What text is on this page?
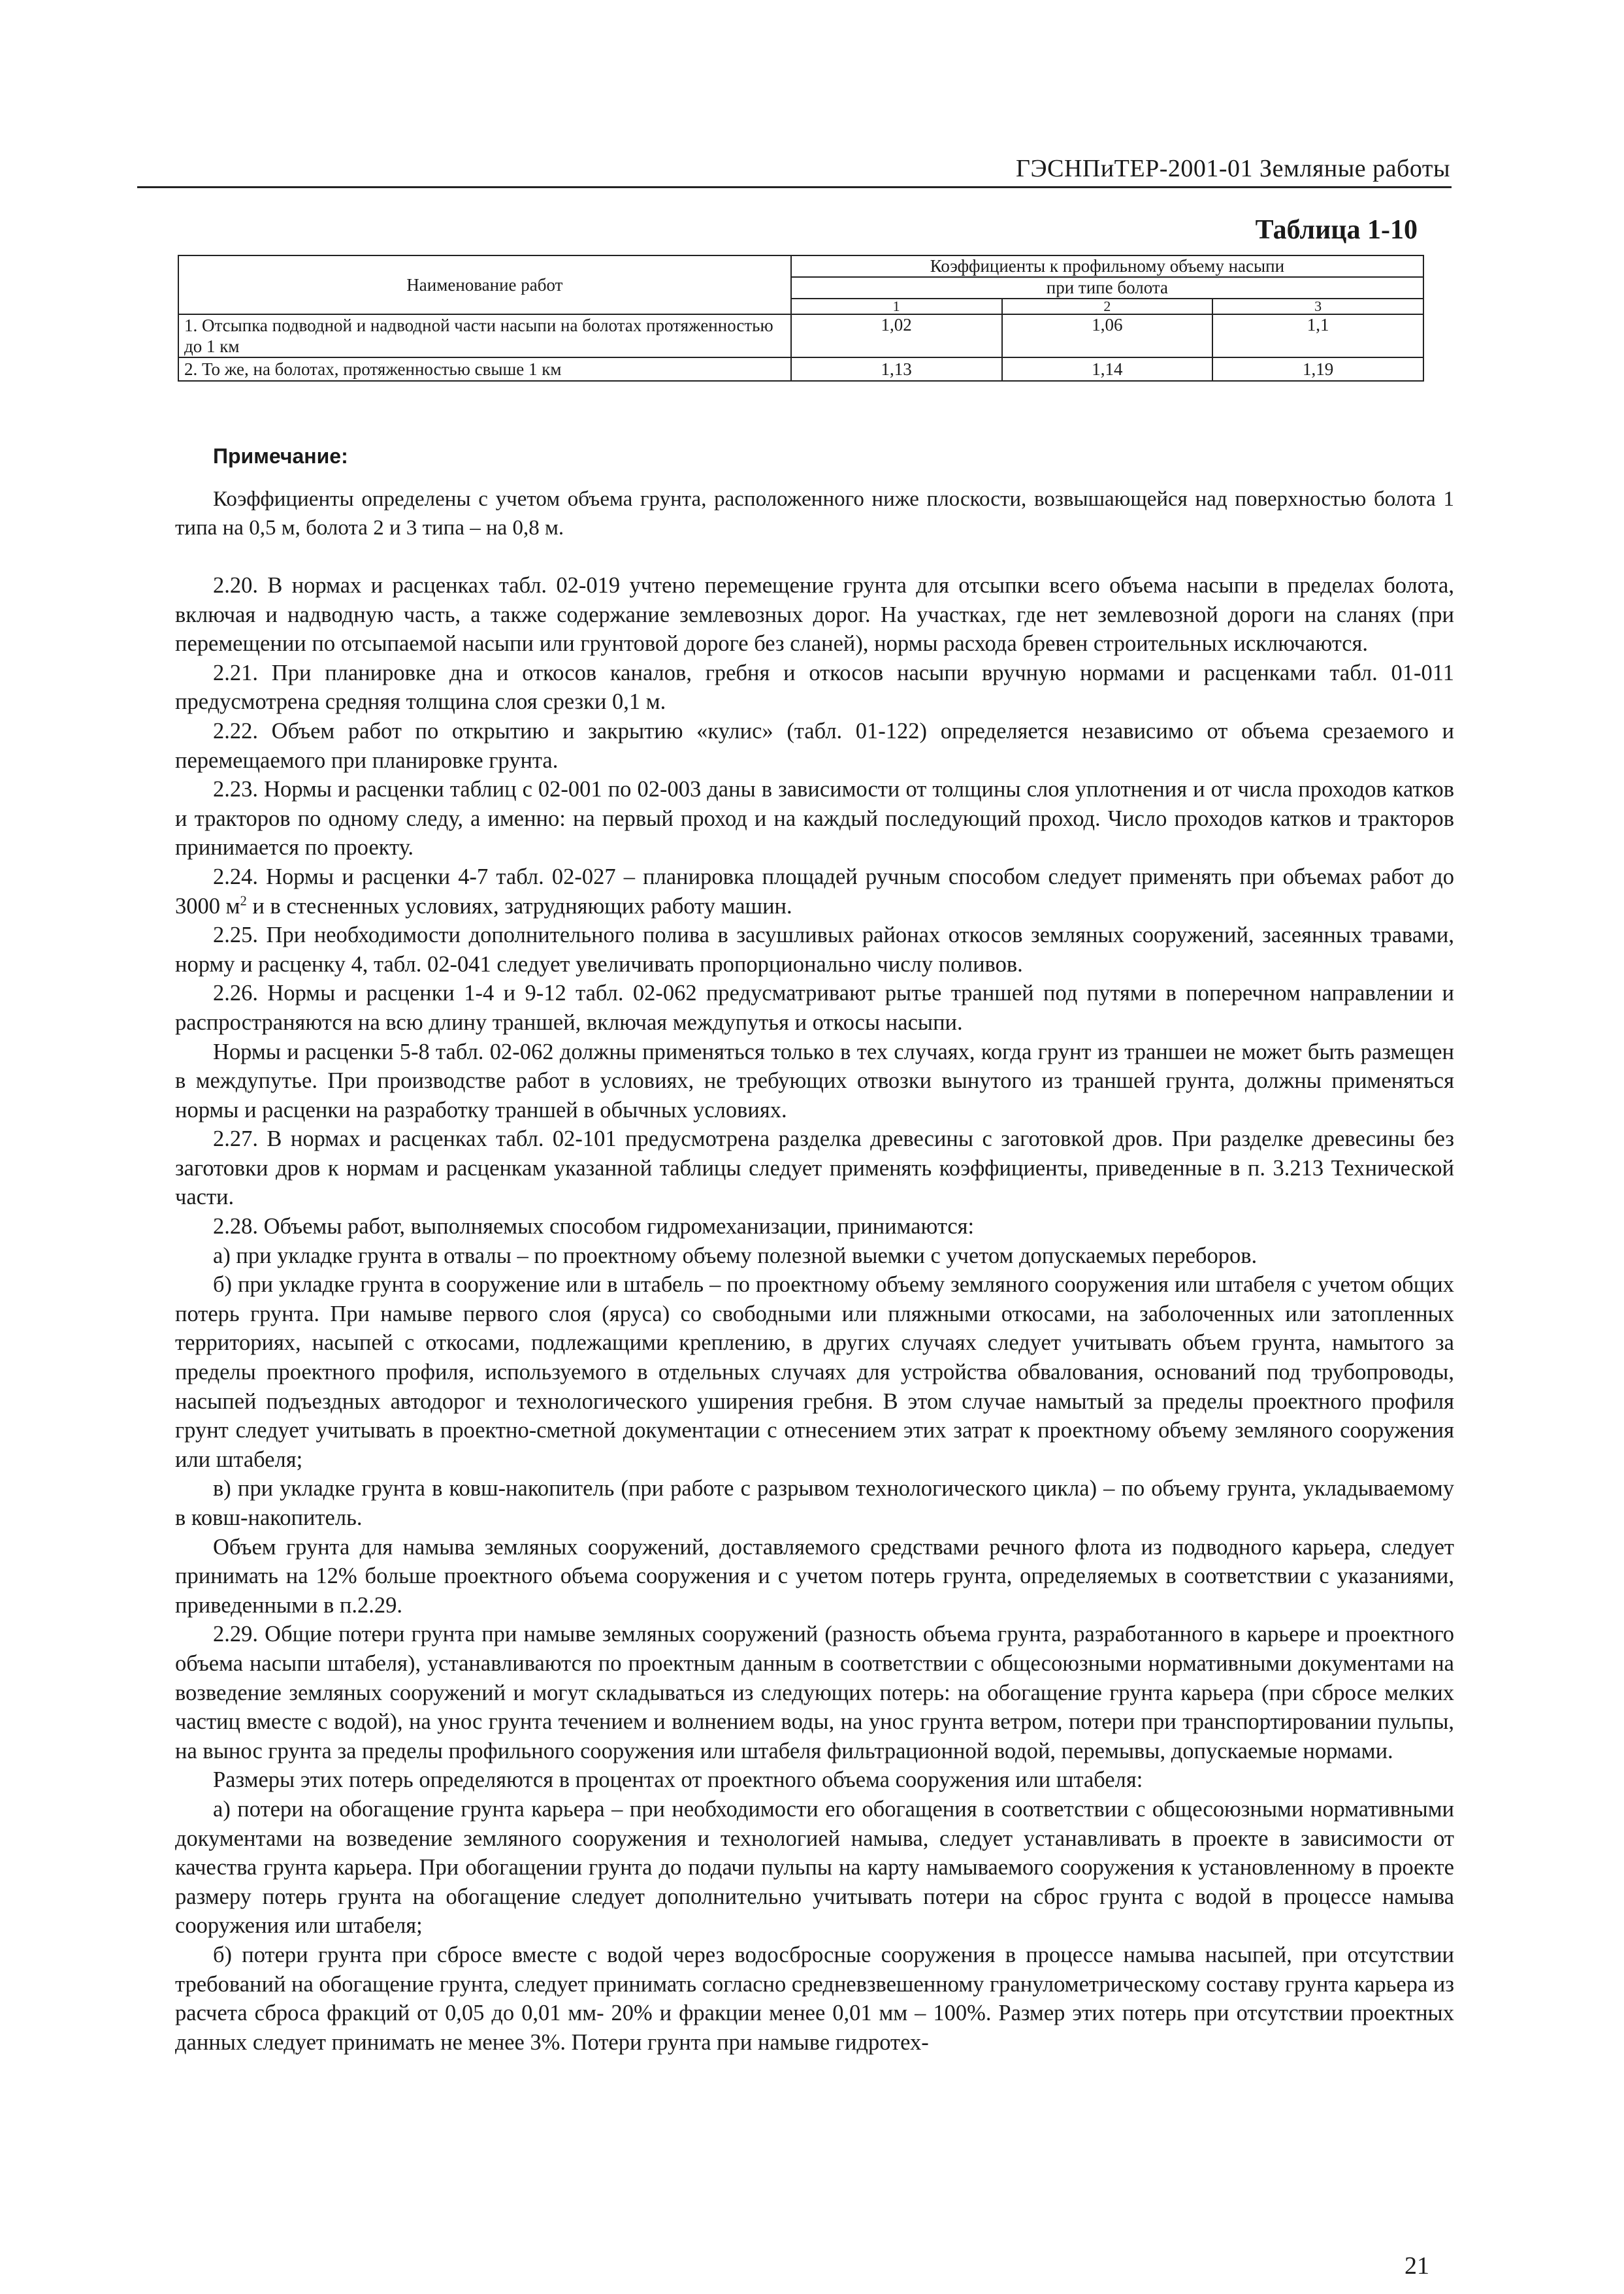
ГЭСНПиТЕР-2001-01 Земляные работы
Таблица 1-10
Наименование работ	Коэффициенты к профильному объему насыпи		
	при типе болота		
	1	2	3
1. Отсыпка подводной и надводной части насыпи на болотах протяженностью до 1 км	1,02	1,06	1,1
2. То же, на болотах, протяженностью свыше 1 км	1,13	1,14	1,19
Примечание:
Коэффициенты определены с учетом объема грунта, расположенного ниже плоскости, возвышающейся над поверхностью болота 1 типа на 0,5 м, болота 2 и 3 типа – на 0,8 м.

2.20. В нормах и расценках табл. 02-019 учтено перемещение грунта для отсыпки всего объема насыпи в пределах болота, включая и надводную часть, а также содержание землевозных дорог. На участках, где нет землевозной дороги на сланях (при перемещении по отсыпаемой насыпи или грунтовой дороге без сланей), нормы расхода бревен строительных исключаются.

2.21. При планировке дна и откосов каналов, гребня и откосов насыпи вручную нормами и расценками табл. 01-011 предусмотрена средняя толщина слоя срезки 0,1 м.

2.22. Объем работ по открытию и закрытию «кулис» (табл. 01-122) определяется независимо от объема срезаемого и перемещаемого при планировке грунта.

2.23. Нормы и расценки таблиц с 02-001 по 02-003 даны в зависимости от толщины слоя уплотнения и от числа проходов катков и тракторов по одному следу, а именно: на первый проход и на каждый последующий проход. Число проходов катков и тракторов принимается по проекту.

2.24. Нормы и расценки 4-7 табл. 02-027 – планировка площадей ручным способом следует применять при объемах работ до 3000 $м^2$ и в стесненных условиях, затрудняющих работу машин.

2.25. При необходимости дополнительного полива в засушливых районах откосов земляных сооружений, засеянных травами, норму и расценку 4, табл. 02-041 следует увеличивать пропорционально числу поливов.

2.26. Нормы и расценки 1-4 и 9-12 табл. 02-062 предусматривают рытье траншей под путями в поперечном направлении и распространяются на всю длину траншей, включая междупутья и откосы насыпи.

Нормы и расценки 5-8 табл. 02-062 должны применяться только в тех случаях, когда грунт из траншеи не может быть размещен в междупутье. При производстве работ в условиях, не требующих отвозки вынутого из траншей грунта, должны применяться нормы и расценки на разработку траншей в обычных условиях.

2.27. В нормах и расценках табл. 02-101 предусмотрена разделка древесины с заготовкой дров. При разделке древесины без заготовки дров к нормам и расценкам указанной таблицы следует применять коэффициенты, приведенные в п. 3.213 Технической части.

2.28. Объемы работ, выполняемых способом гидромеханизации, принимаются:

а) при укладке грунта в отвалы – по проектному объему полезной выемки с учетом допускаемых переборов.

б) при укладке грунта в сооружение или в штабель – по проектному объему земляного сооружения или штабеля с учетом общих потерь грунта. При намыве первого слоя (яруса) со свободными или пляжными откосами, на заболоченных или затопленных территориях, насыпей с откосами, подлежащими креплению, в других случаях следует учитывать объем грунта, намытого за пределы проектного профиля, используемого в отдельных случаях для устройства обвалования, оснований под трубопроводы, насыпей подъездных автодорог и технологического уширения гребня. В этом случае намытый за пределы проектного профиля грунт следует учитывать в проектно-сметной документации с отнесением этих затрат к проектному объему земляного сооружения или штабеля;

в) при укладке грунта в ковш-накопитель (при работе с разрывом технологического цикла) – по объему грунта, укладываемому в ковш-накопитель.

Объем грунта для намыва земляных сооружений, доставляемого средствами речного флота из подводного карьера, следует принимать на 12% больше проектного объема сооружения и с учетом потерь грунта, определяемых в соответствии с указаниями, приведенными в п.2.29.

2.29. Общие потери грунта при намыве земляных сооружений (разность объема грунта, разработанного в карьере и проектного объема насыпи штабеля), устанавливаются по проектным данным в соответствии с общесоюзными нормативными документами на возведение земляных сооружений и могут складываться из следующих потерь: на обогащение грунта карьера (при сбросе мелких частиц вместе с водой), на унос грунта течением и волнением воды, на унос грунта ветром, потери при транспортировании пульпы, на вынос грунта за пределы профильного сооружения или штабеля фильтрационной водой, перемывы, допускаемые нормами.

Размеры этих потерь определяются в процентах от проектного объема сооружения или штабеля:

а) потери на обогащение грунта карьера – при необходимости его обогащения в соответствии с общесоюзными нормативными документами на возведение земляного сооружения и технологией намыва, следует устанавливать в проекте в зависимости от качества грунта карьера. При обогащении грунта до подачи пульпы на карту намываемого сооружения к установленному в проекте размеру потерь грунта на обогащение следует дополнительно учитывать потери на сброс грунта с водой в процессе намыва сооружения или штабеля;

б) потери грунта при сбросе вместе с водой через водосбросные сооружения в процессе намыва насыпей, при отсутствии требований на обогащение грунта, следует принимать согласно средневзвешенному гранулометрическому составу грунта карьера из расчета сброса фракций от 0,05 до 0,01 мм- 20% и фракции менее 0,01 мм – 100%. Размер этих потерь при отсутствии проектных данных следует принимать не менее 3%. Потери грунта при намыве гидротех-

21
